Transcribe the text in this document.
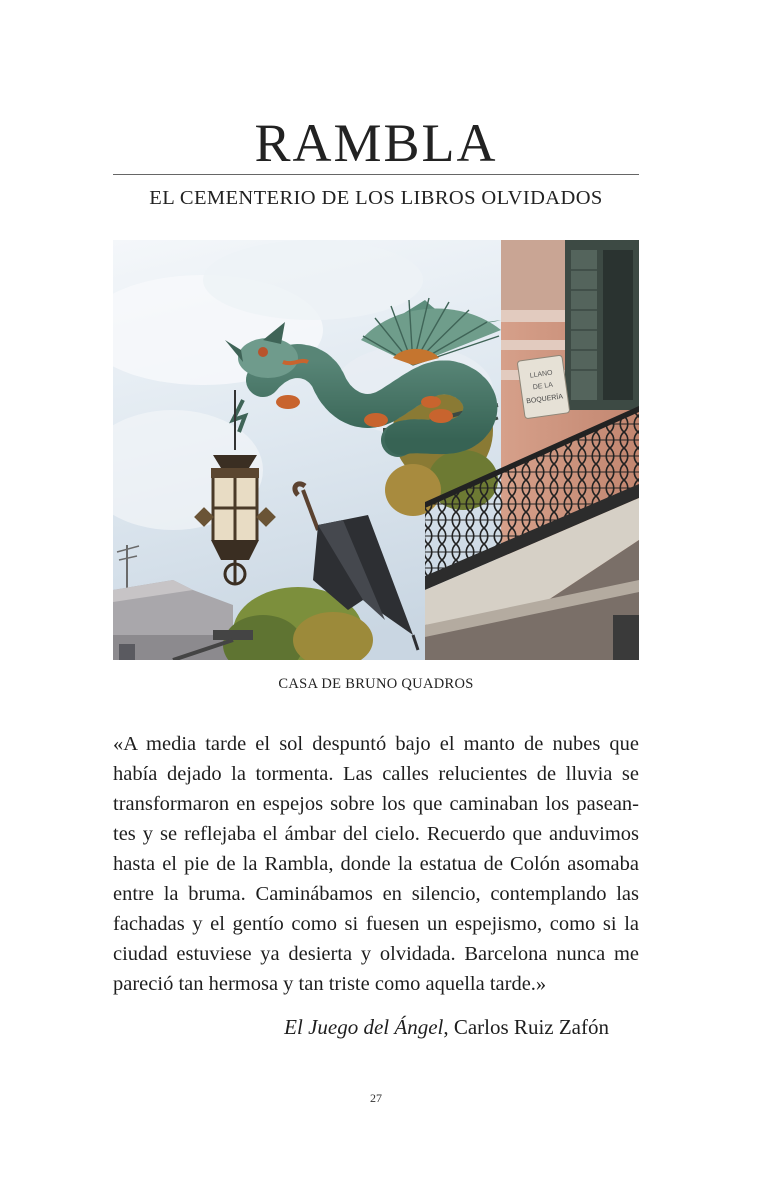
RAMBLA
EL CEMENTERIO DE LOS LIBROS OLVIDADOS
LLANO
DE LA
BOQUERÍA
CASA DE BRUNO QUADROS
«A media tarde el sol despuntó bajo el manto de nubes que
había dejado la tormenta. Las calles relucientes de lluvia se
transformaron en espejos sobre los que caminaban los pasean-
tes y se reflejaba el ámbar del cielo. Recuerdo que anduvimos
hasta el pie de la Rambla, donde la estatua de Colón asomaba
entre la bruma. Caminábamos en silencio, contemplando las
fachadas y el gentío como si fuesen un espejismo, como si la
ciudad estuviese ya desierta y olvidada. Barcelona nunca me
pareció tan hermosa y tan triste como aquella tarde.»
El Juego del Ángel, Carlos Ruiz Zafón
27
